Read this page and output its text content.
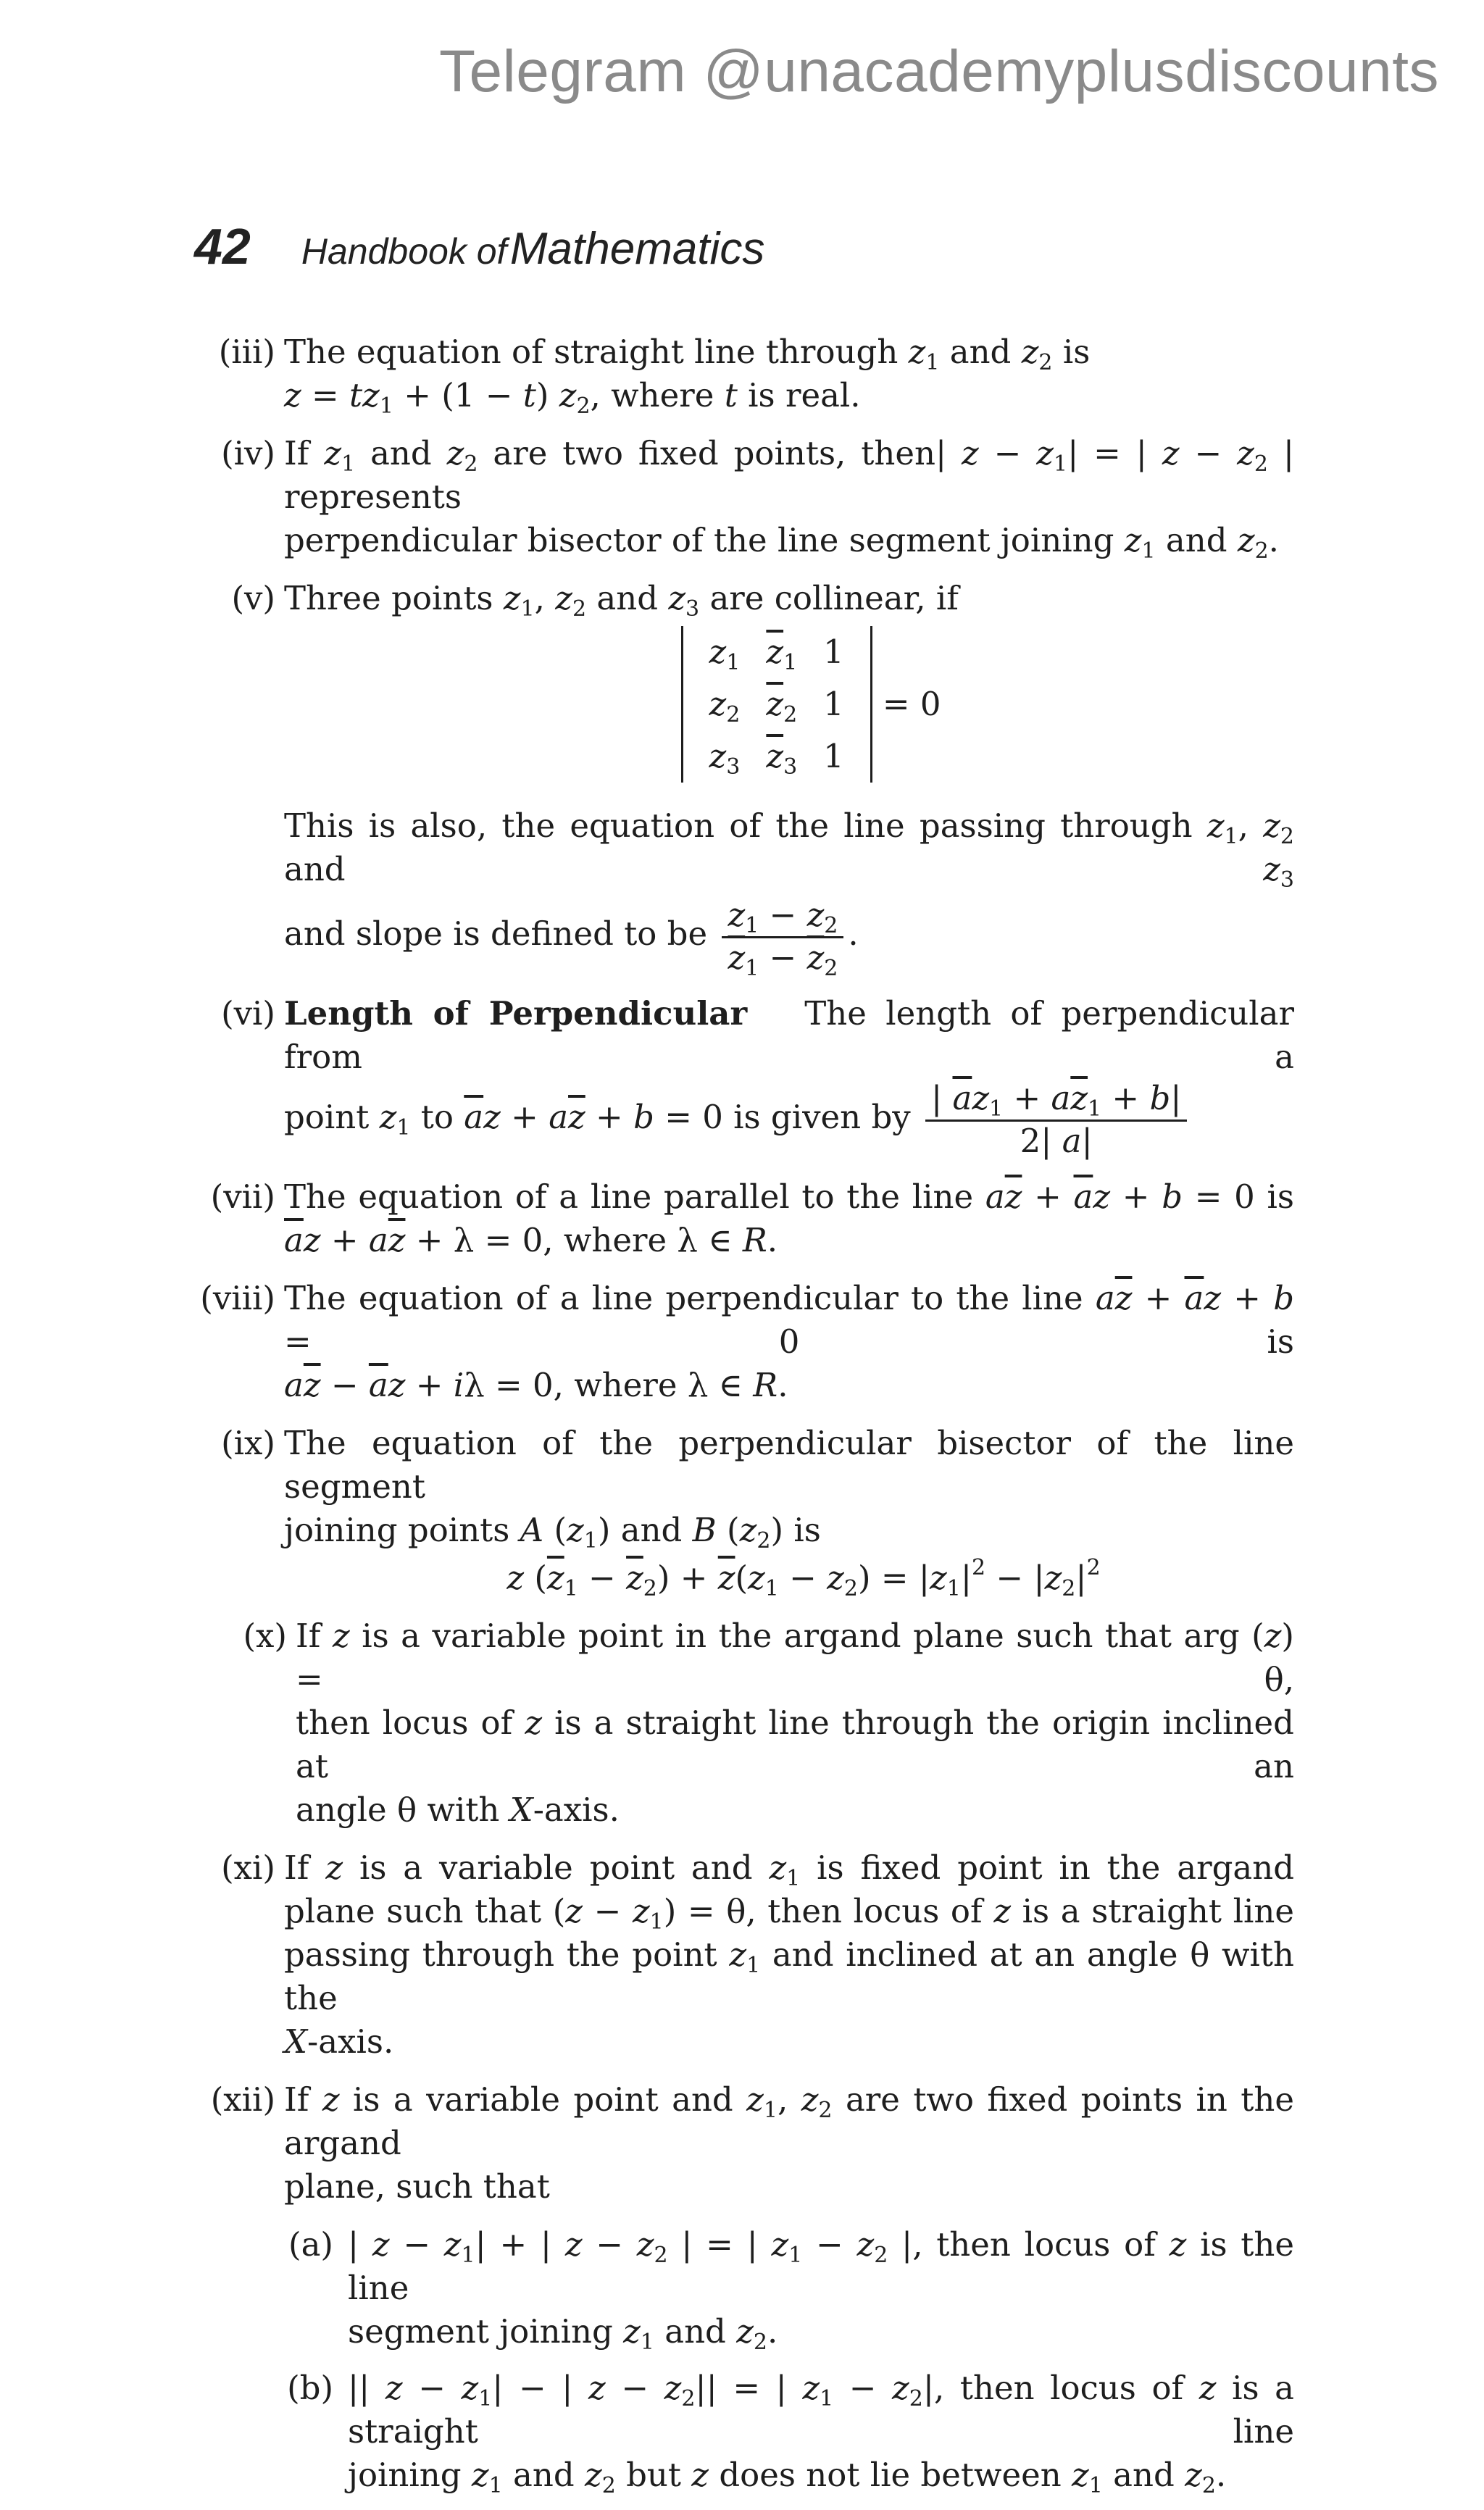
Telegram @unacademyplusdiscounts
42 Handbook of Mathematics
(iii) The equation of straight line through $z_1$ and $z_2$ is
$z = tz_1 + (1 - t)$ $z_2$, where t is real.
(iv) If $z_1$ and $z_2$ are two fixed points, then| $z - z_1|$ = | $z - z_2$ | represents
perpendicular bisector of the line segment joining $z_1$ and $z_2$.
(v) Three points $z_1$, $z_2$ and $z_3$ are collinear, if
$z_1$	$\overline{z}_1$	1
$z_2$	$\overline{z}_2$	1
$z_3$	$\overline{z}_3$	1
= 0
This is also, the equation of the line passing through $z_1$, $z_2$ and	$z_3$
and slope is defined to be $\frac{z_1 - z_2}{\overline{z}_1 - \overline{z}_2}$ .
(vi) Length of Perpendicular The length of perpendicular from a
point $z_1$ to $\overline{a}z + a\overline{z} + b = 0$ is given by $\frac{| \overline{a}z_1 + a\overline{z}_1 + b|}{2| a|}$
(vii) The equation of a line parallel to the line $a\overline{z} + \overline{a}z + b = 0$ is
$\overline{a}z + a\overline{z} + \lambda = 0$, where λ ∈ R.
(viii) The equation of a line perpendicular to the line $a\overline{z} + \overline{a}z + b = 0$ is
$a\overline{z} - \overline{a}z + i\lambda = 0$, where λ ∈ R.
(ix) The equation of the perpendicular bisector of the line segment
joining points A $(z_1)$ and B $(z_2)$ is
z $(\overline{z}_1 - \overline{z}_2) + \overline{z}(z_1 - z_2) = |z_1|^2 - |z_2|^2$
(x) If z is a variable point in the argand plane such that arg (z) = θ,
then locus of z is a straight line through the origin inclined at an
angle θ with X-axis.
(xi) If z is a variable point and $z_1$ is fixed point in the argand
plane such that $(z - z_1) = \theta$, then locus of z is a straight line
passing through the point $z_1$ and inclined at an angle θ with the
X-axis.
(xii) If z is a variable point and $z_1$, $z_2$ are two fixed points in the argand
plane, such that
(a) | $z - z_1|$ + | $z - z_2$ | = | $z_1 - z_2$ |, then locus of z is the line
segment joining $z_1$ and $z_2$.
(b) || $z - z_1|$ − | $z - z_2||$ = | $z_1 - z_2|$, then locus of z is a straight line
joining $z_1$ and $z_2$ but z does not lie between $z_1$ and $z_2$.
